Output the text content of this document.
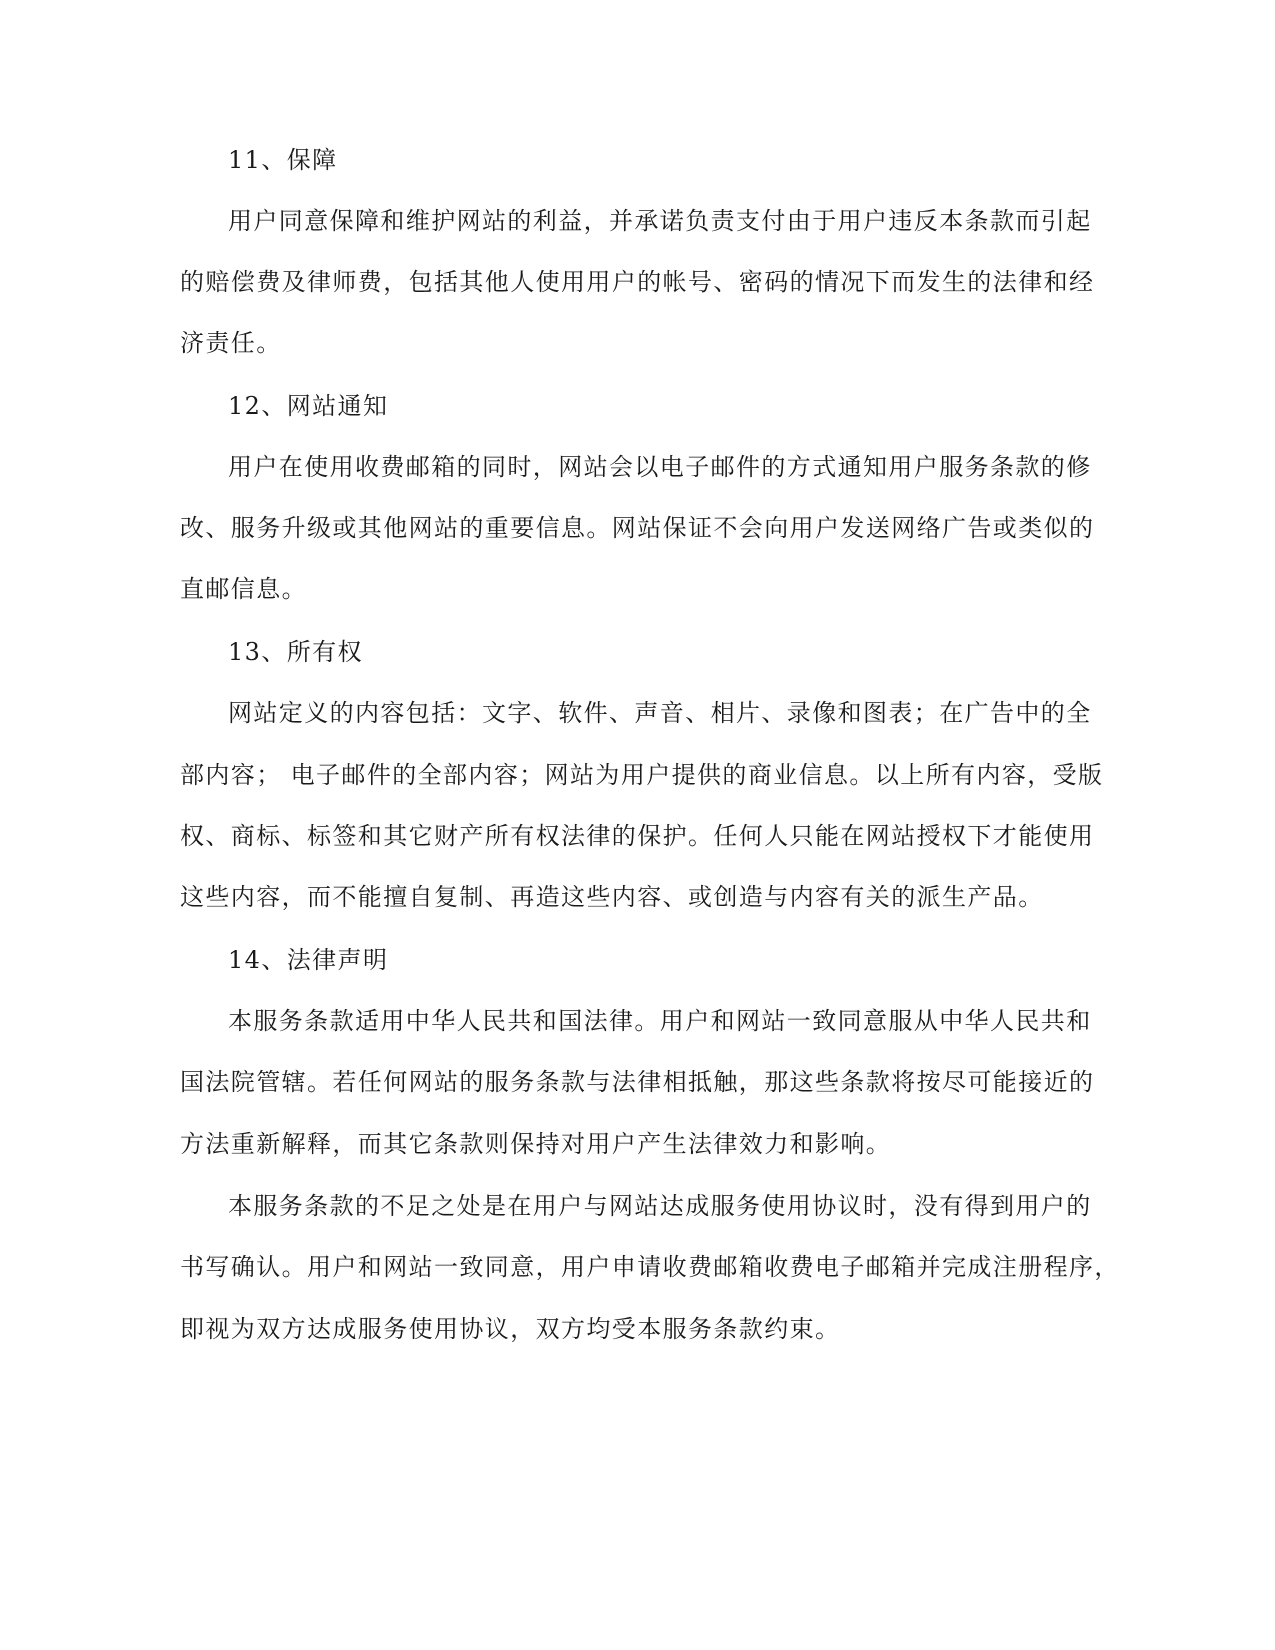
11、保障

用户同意保障和维护网站的利益，并承诺负责支付由于用户违反本条款而引起

的赔偿费及律师费，包括其他人使用用户的帐号、密码的情况下而发生的法律和经

济责任。

12、网站通知

用户在使用收费邮箱的同时，网站会以电子邮件的方式通知用户服务条款的修

改、服务升级或其他网站的重要信息。网站保证不会向用户发送网络广告或类似的

直邮信息。

13、所有权

网站定义的内容包括：文字、软件、声音、相片、录像和图表；在广告中的全

部内容； 电子邮件的全部内容；网站为用户提供的商业信息。以上所有内容，受版

权、商标、标签和其它财产所有权法律的保护。任何人只能在网站授权下才能使用

这些内容，而不能擅自复制、再造这些内容、或创造与内容有关的派生产品。

14、法律声明

本服务条款适用中华人民共和国法律。用户和网站一致同意服从中华人民共和

国法院管辖。若任何网站的服务条款与法律相抵触，那这些条款将按尽可能接近的

方法重新解释，而其它条款则保持对用户产生法律效力和影响。

本服务条款的不足之处是在用户与网站达成服务使用协议时，没有得到用户的

书写确认。用户和网站一致同意，用户申请收费邮箱收费电子邮箱并完成注册程序，

即视为双方达成服务使用协议，双方均受本服务条款约束。
